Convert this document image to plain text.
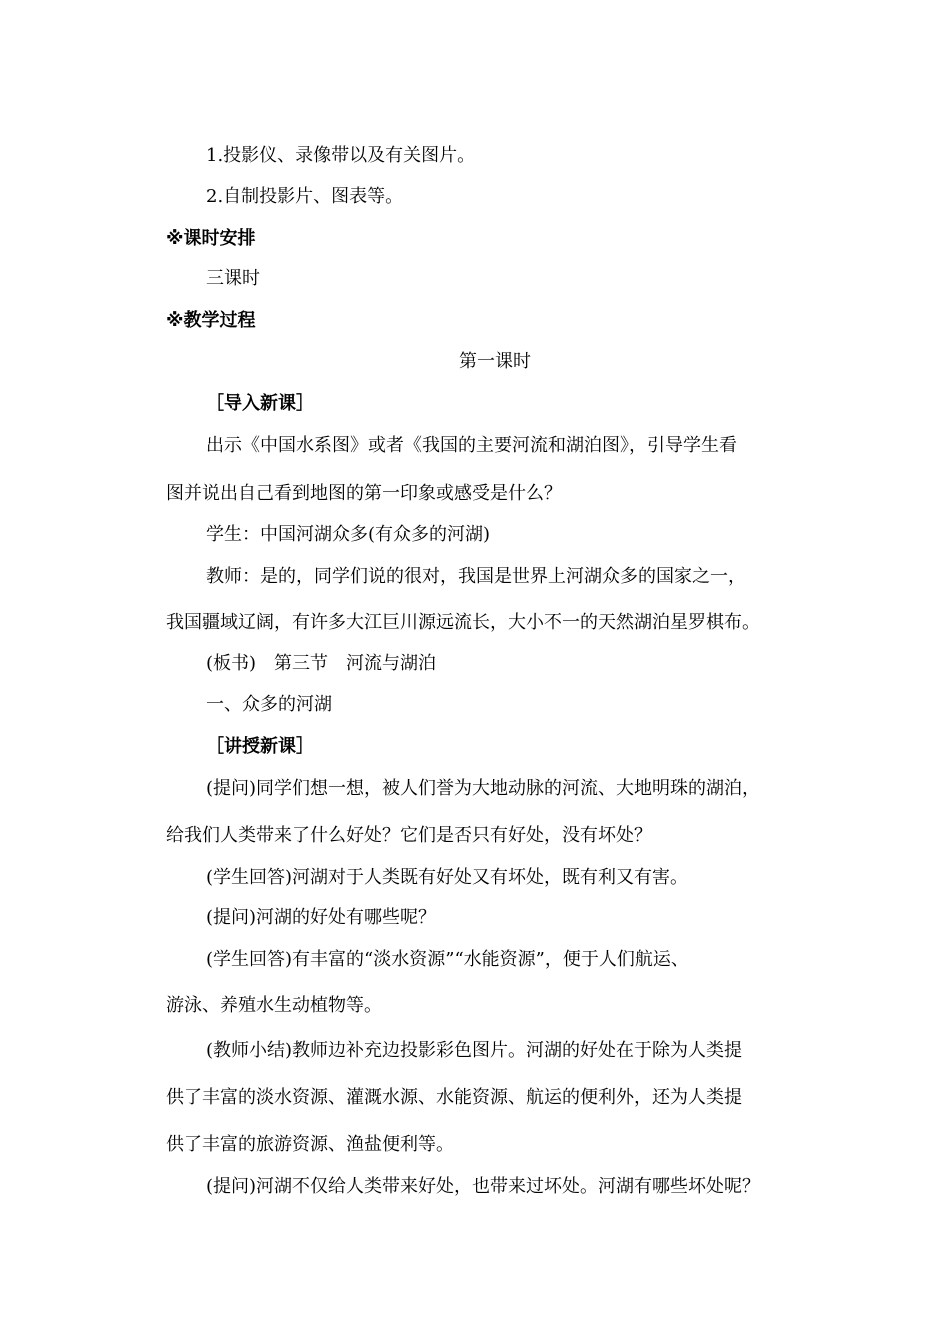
1.投影仪、录像带以及有关图片。
2.自制投影片、图表等。
※课时安排
三课时
※教学过程
第一课时
［导入新课］
出示《中国水系图》或者《我国的主要河流和湖泊图》，引导学生看
图并说出自己看到地图的第一印象或感受是什么？
学生：中国河湖众多(有众多的河湖)
教师：是的，同学们说的很对，我国是世界上河湖众多的国家之一，
我国疆域辽阔，有许多大江巨川源远流长，大小不一的天然湖泊星罗棋布。
(板书)　第三节　河流与湖泊
一、众多的河湖
［讲授新课］
(提问)同学们想一想，被人们誉为大地动脉的河流、大地明珠的湖泊，
给我们人类带来了什么好处？它们是否只有好处，没有坏处？
(学生回答)河湖对于人类既有好处又有坏处，既有利又有害。
(提问)河湖的好处有哪些呢？
(学生回答)有丰富的“淡水资源”“水能资源”，便于人们航运、
游泳、养殖水生动植物等。
(教师小结)教师边补充边投影彩色图片。河湖的好处在于除为人类提
供了丰富的淡水资源、灌溉水源、水能资源、航运的便利外，还为人类提
供了丰富的旅游资源、渔盐便利等。
(提问)河湖不仅给人类带来好处，也带来过坏处。河湖有哪些坏处呢？
